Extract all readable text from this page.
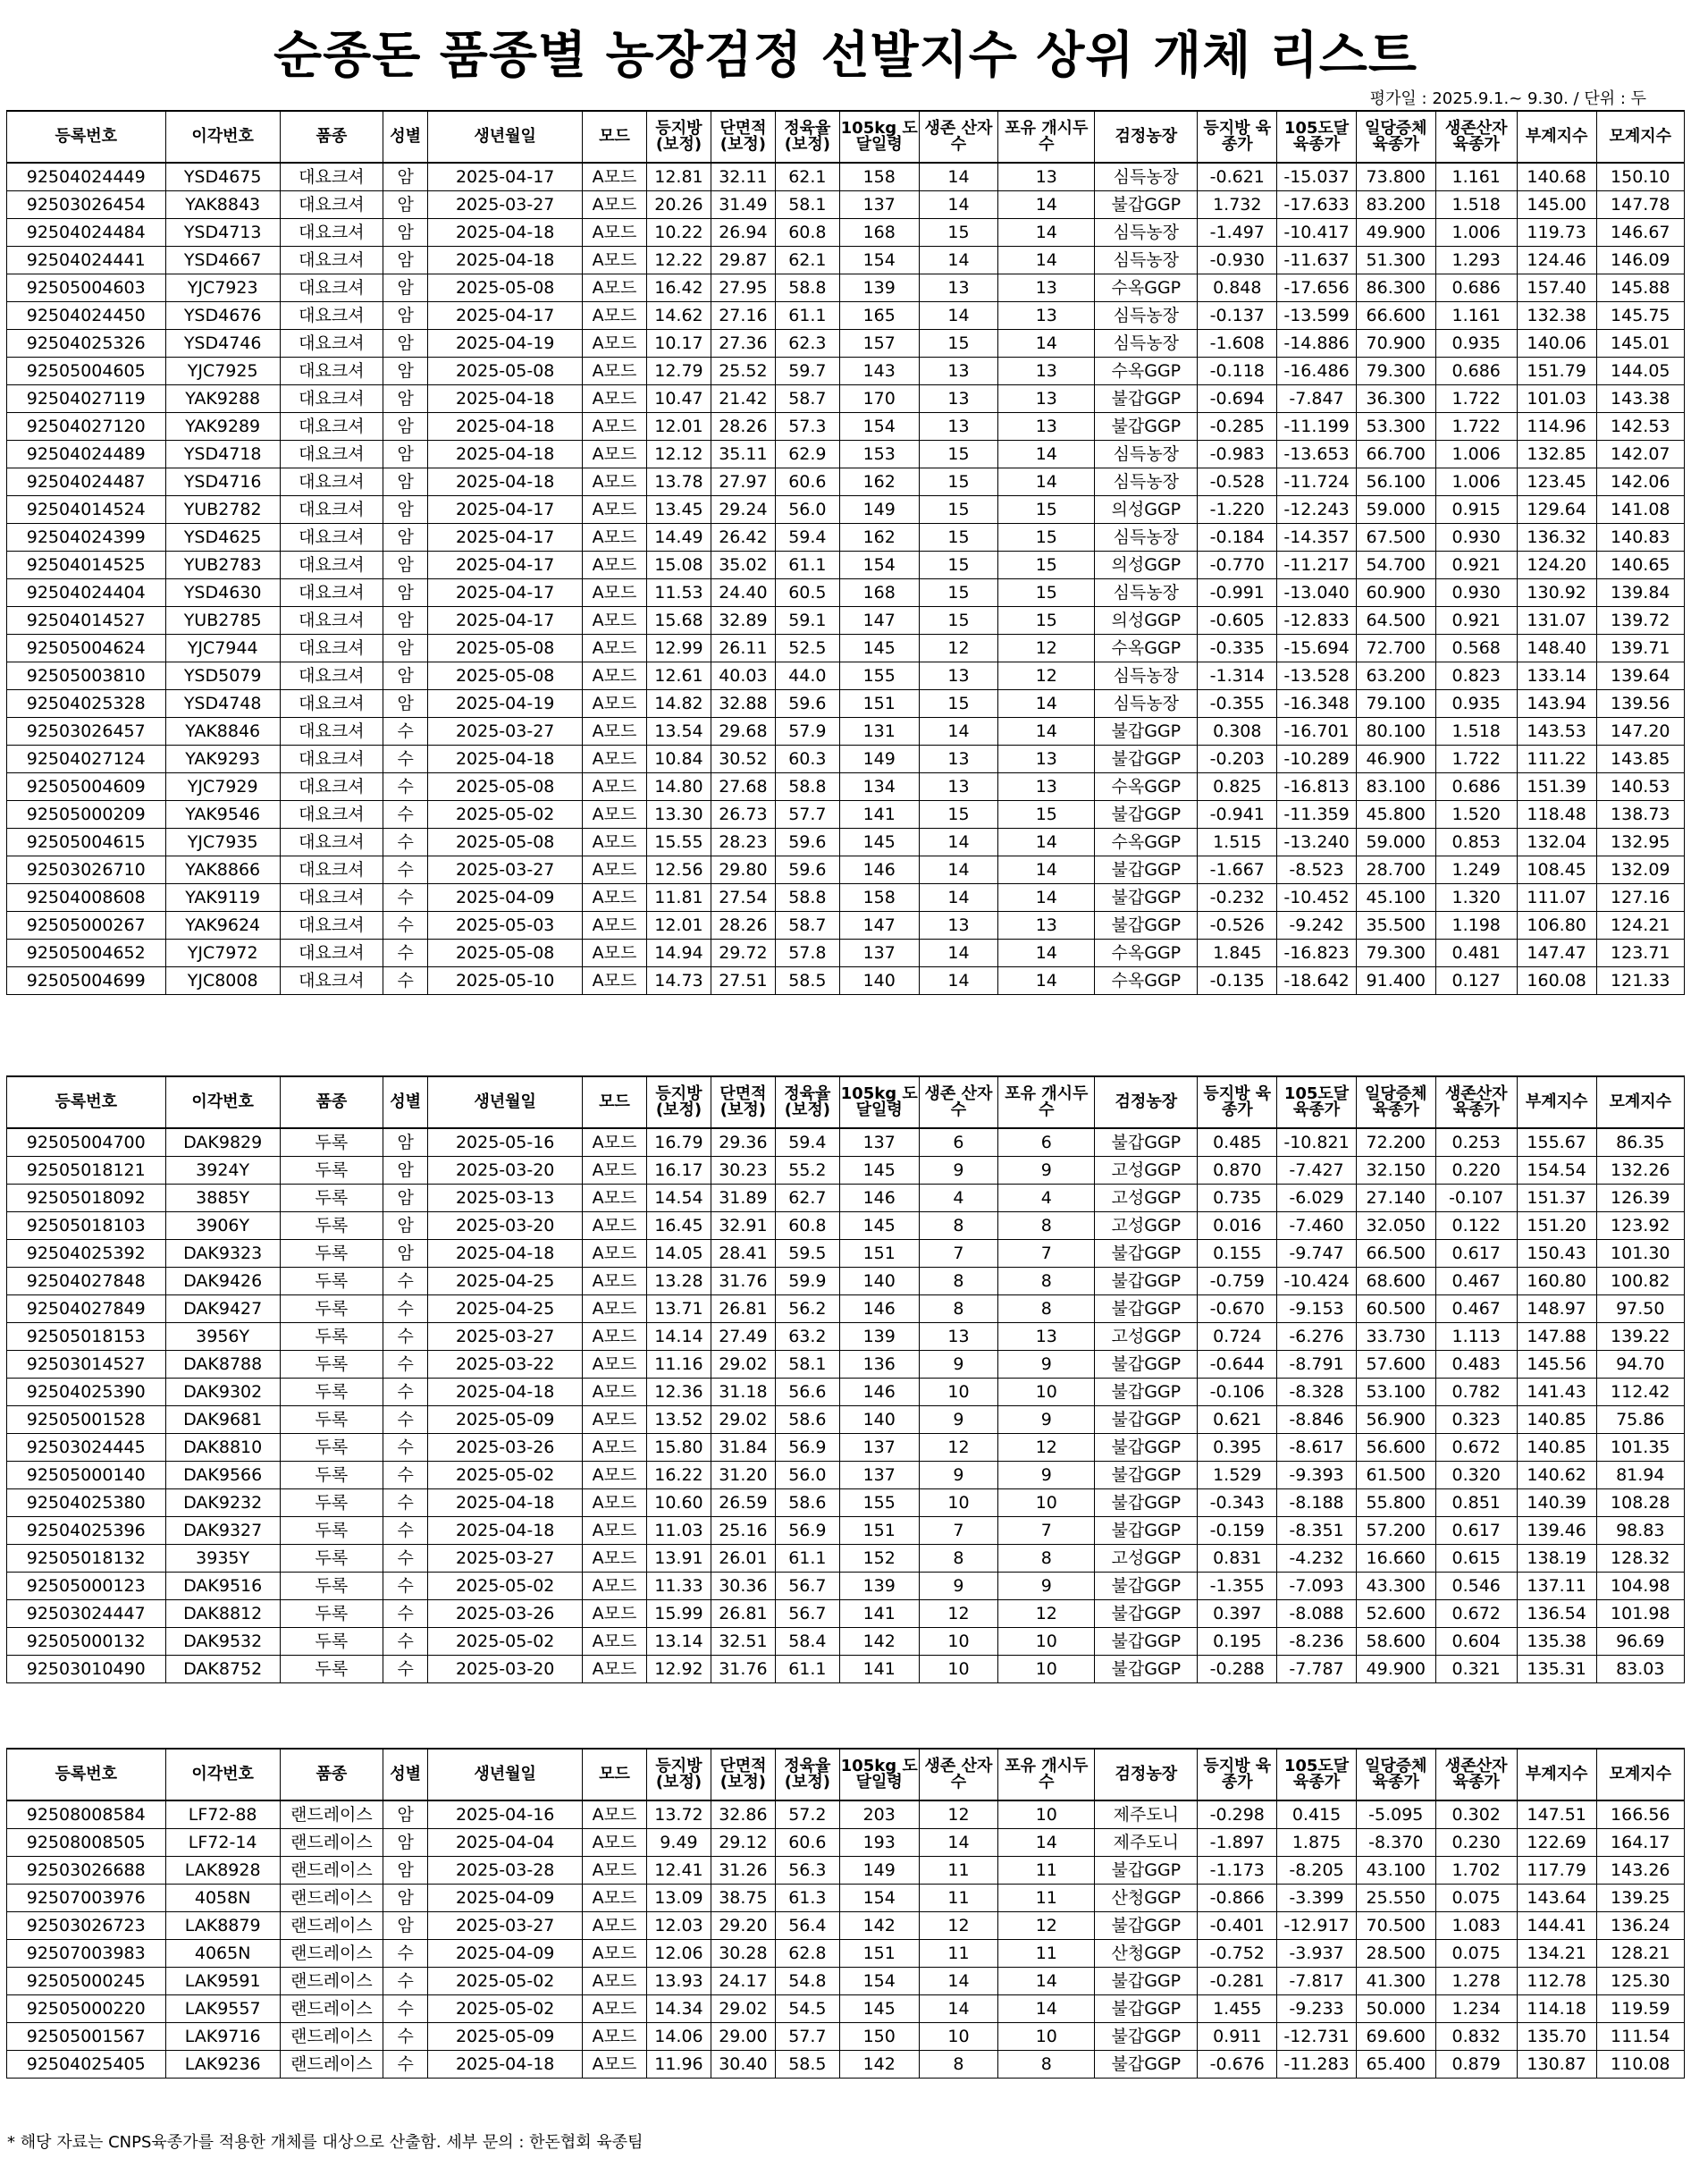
순종돈 품종별 농장검정 선발지수 상위 개체 리스트
평가일 : 2025.9.1.~ 9.30. / 단위 : 두
등록번호	이각번호	품종	성별	생년월일	모드	등지방 (보정)	단면적 (보정)	정육율 (보정)	105kg 도달일령	생존 산자수	포유 개시두수	검정농장	등지방 육종가	105도달 육종가	일당증체 육종가	생존산자 육종가	부계지수	모계지수
92504024449	YSD4675	대요크셔	암	2025-04-17	A모드	12.81	32.11	62.1	158	14	13	심득농장	-0.621	-15.037	73.800	1.161	140.68	150.10
92503026454	YAK8843	대요크셔	암	2025-03-27	A모드	20.26	31.49	58.1	137	14	14	불갑GGP	1.732	-17.633	83.200	1.518	145.00	147.78
92504024484	YSD4713	대요크셔	암	2025-04-18	A모드	10.22	26.94	60.8	168	15	14	심득농장	-1.497	-10.417	49.900	1.006	119.73	146.67
92504024441	YSD4667	대요크셔	암	2025-04-18	A모드	12.22	29.87	62.1	154	14	14	심득농장	-0.930	-11.637	51.300	1.293	124.46	146.09
92505004603	YJC7923	대요크셔	암	2025-05-08	A모드	16.42	27.95	58.8	139	13	13	수옥GGP	0.848	-17.656	86.300	0.686	157.40	145.88
92504024450	YSD4676	대요크셔	암	2025-04-17	A모드	14.62	27.16	61.1	165	14	13	심득농장	-0.137	-13.599	66.600	1.161	132.38	145.75
92504025326	YSD4746	대요크셔	암	2025-04-19	A모드	10.17	27.36	62.3	157	15	14	심득농장	-1.608	-14.886	70.900	0.935	140.06	145.01
92505004605	YJC7925	대요크셔	암	2025-05-08	A모드	12.79	25.52	59.7	143	13	13	수옥GGP	-0.118	-16.486	79.300	0.686	151.79	144.05
92504027119	YAK9288	대요크셔	암	2025-04-18	A모드	10.47	21.42	58.7	170	13	13	불갑GGP	-0.694	-7.847	36.300	1.722	101.03	143.38
92504027120	YAK9289	대요크셔	암	2025-04-18	A모드	12.01	28.26	57.3	154	13	13	불갑GGP	-0.285	-11.199	53.300	1.722	114.96	142.53
92504024489	YSD4718	대요크셔	암	2025-04-18	A모드	12.12	35.11	62.9	153	15	14	심득농장	-0.983	-13.653	66.700	1.006	132.85	142.07
92504024487	YSD4716	대요크셔	암	2025-04-18	A모드	13.78	27.97	60.6	162	15	14	심득농장	-0.528	-11.724	56.100	1.006	123.45	142.06
92504014524	YUB2782	대요크셔	암	2025-04-17	A모드	13.45	29.24	56.0	149	15	15	의성GGP	-1.220	-12.243	59.000	0.915	129.64	141.08
92504024399	YSD4625	대요크셔	암	2025-04-17	A모드	14.49	26.42	59.4	162	15	15	심득농장	-0.184	-14.357	67.500	0.930	136.32	140.83
92504014525	YUB2783	대요크셔	암	2025-04-17	A모드	15.08	35.02	61.1	154	15	15	의성GGP	-0.770	-11.217	54.700	0.921	124.20	140.65
92504024404	YSD4630	대요크셔	암	2025-04-17	A모드	11.53	24.40	60.5	168	15	15	심득농장	-0.991	-13.040	60.900	0.930	130.92	139.84
92504014527	YUB2785	대요크셔	암	2025-04-17	A모드	15.68	32.89	59.1	147	15	15	의성GGP	-0.605	-12.833	64.500	0.921	131.07	139.72
92505004624	YJC7944	대요크셔	암	2025-05-08	A모드	12.99	26.11	52.5	145	12	12	수옥GGP	-0.335	-15.694	72.700	0.568	148.40	139.71
92505003810	YSD5079	대요크셔	암	2025-05-08	A모드	12.61	40.03	44.0	155	13	12	심득농장	-1.314	-13.528	63.200	0.823	133.14	139.64
92504025328	YSD4748	대요크셔	암	2025-04-19	A모드	14.82	32.88	59.6	151	15	14	심득농장	-0.355	-16.348	79.100	0.935	143.94	139.56
92503026457	YAK8846	대요크셔	수	2025-03-27	A모드	13.54	29.68	57.9	131	14	14	불갑GGP	0.308	-16.701	80.100	1.518	143.53	147.20
92504027124	YAK9293	대요크셔	수	2025-04-18	A모드	10.84	30.52	60.3	149	13	13	불갑GGP	-0.203	-10.289	46.900	1.722	111.22	143.85
92505004609	YJC7929	대요크셔	수	2025-05-08	A모드	14.80	27.68	58.8	134	13	13	수옥GGP	0.825	-16.813	83.100	0.686	151.39	140.53
92505000209	YAK9546	대요크셔	수	2025-05-02	A모드	13.30	26.73	57.7	141	15	15	불갑GGP	-0.941	-11.359	45.800	1.520	118.48	138.73
92505004615	YJC7935	대요크셔	수	2025-05-08	A모드	15.55	28.23	59.6	145	14	14	수옥GGP	1.515	-13.240	59.000	0.853	132.04	132.95
92503026710	YAK8866	대요크셔	수	2025-03-27	A모드	12.56	29.80	59.6	146	14	14	불갑GGP	-1.667	-8.523	28.700	1.249	108.45	132.09
92504008608	YAK9119	대요크셔	수	2025-04-09	A모드	11.81	27.54	58.8	158	14	14	불갑GGP	-0.232	-10.452	45.100	1.320	111.07	127.16
92505000267	YAK9624	대요크셔	수	2025-05-03	A모드	12.01	28.26	58.7	147	13	13	불갑GGP	-0.526	-9.242	35.500	1.198	106.80	124.21
92505004652	YJC7972	대요크셔	수	2025-05-08	A모드	14.94	29.72	57.8	137	14	14	수옥GGP	1.845	-16.823	79.300	0.481	147.47	123.71
92505004699	YJC8008	대요크셔	수	2025-05-10	A모드	14.73	27.51	58.5	140	14	14	수옥GGP	-0.135	-18.642	91.400	0.127	160.08	121.33
등록번호	이각번호	품종	성별	생년월일	모드	등지방 (보정)	단면적 (보정)	정육율 (보정)	105kg 도달일령	생존 산자수	포유 개시두수	검정농장	등지방 육종가	105도달 육종가	일당증체 육종가	생존산자 육종가	부계지수	모계지수
92505004700	DAK9829	두록	암	2025-05-16	A모드	16.79	29.36	59.4	137	6	6	불갑GGP	0.485	-10.821	72.200	0.253	155.67	86.35
92505018121	3924Y	두록	암	2025-03-20	A모드	16.17	30.23	55.2	145	9	9	고성GGP	0.870	-7.427	32.150	0.220	154.54	132.26
92505018092	3885Y	두록	암	2025-03-13	A모드	14.54	31.89	62.7	146	4	4	고성GGP	0.735	-6.029	27.140	-0.107	151.37	126.39
92505018103	3906Y	두록	암	2025-03-20	A모드	16.45	32.91	60.8	145	8	8	고성GGP	0.016	-7.460	32.050	0.122	151.20	123.92
92504025392	DAK9323	두록	암	2025-04-18	A모드	14.05	28.41	59.5	151	7	7	불갑GGP	0.155	-9.747	66.500	0.617	150.43	101.30
92504027848	DAK9426	두록	수	2025-04-25	A모드	13.28	31.76	59.9	140	8	8	불갑GGP	-0.759	-10.424	68.600	0.467	160.80	100.82
92504027849	DAK9427	두록	수	2025-04-25	A모드	13.71	26.81	56.2	146	8	8	불갑GGP	-0.670	-9.153	60.500	0.467	148.97	97.50
92505018153	3956Y	두록	수	2025-03-27	A모드	14.14	27.49	63.2	139	13	13	고성GGP	0.724	-6.276	33.730	1.113	147.88	139.22
92503014527	DAK8788	두록	수	2025-03-22	A모드	11.16	29.02	58.1	136	9	9	불갑GGP	-0.644	-8.791	57.600	0.483	145.56	94.70
92504025390	DAK9302	두록	수	2025-04-18	A모드	12.36	31.18	56.6	146	10	10	불갑GGP	-0.106	-8.328	53.100	0.782	141.43	112.42
92505001528	DAK9681	두록	수	2025-05-09	A모드	13.52	29.02	58.6	140	9	9	불갑GGP	0.621	-8.846	56.900	0.323	140.85	75.86
92503024445	DAK8810	두록	수	2025-03-26	A모드	15.80	31.84	56.9	137	12	12	불갑GGP	0.395	-8.617	56.600	0.672	140.85	101.35
92505000140	DAK9566	두록	수	2025-05-02	A모드	16.22	31.20	56.0	137	9	9	불갑GGP	1.529	-9.393	61.500	0.320	140.62	81.94
92504025380	DAK9232	두록	수	2025-04-18	A모드	10.60	26.59	58.6	155	10	10	불갑GGP	-0.343	-8.188	55.800	0.851	140.39	108.28
92504025396	DAK9327	두록	수	2025-04-18	A모드	11.03	25.16	56.9	151	7	7	불갑GGP	-0.159	-8.351	57.200	0.617	139.46	98.83
92505018132	3935Y	두록	수	2025-03-27	A모드	13.91	26.01	61.1	152	8	8	고성GGP	0.831	-4.232	16.660	0.615	138.19	128.32
92505000123	DAK9516	두록	수	2025-05-02	A모드	11.33	30.36	56.7	139	9	9	불갑GGP	-1.355	-7.093	43.300	0.546	137.11	104.98
92503024447	DAK8812	두록	수	2025-03-26	A모드	15.99	26.81	56.7	141	12	12	불갑GGP	0.397	-8.088	52.600	0.672	136.54	101.98
92505000132	DAK9532	두록	수	2025-05-02	A모드	13.14	32.51	58.4	142	10	10	불갑GGP	0.195	-8.236	58.600	0.604	135.38	96.69
92503010490	DAK8752	두록	수	2025-03-20	A모드	12.92	31.76	61.1	141	10	10	불갑GGP	-0.288	-7.787	49.900	0.321	135.31	83.03
등록번호	이각번호	품종	성별	생년월일	모드	등지방 (보정)	단면적 (보정)	정육율 (보정)	105kg 도달일령	생존 산자수	포유 개시두수	검정농장	등지방 육종가	105도달 육종가	일당증체 육종가	생존산자 육종가	부계지수	모계지수
92508008584	LF72-88	랜드레이스	암	2025-04-16	A모드	13.72	32.86	57.2	203	12	10	제주도니	-0.298	0.415	-5.095	0.302	147.51	166.56
92508008505	LF72-14	랜드레이스	암	2025-04-04	A모드	9.49	29.12	60.6	193	14	14	제주도니	-1.897	1.875	-8.370	0.230	122.69	164.17
92503026688	LAK8928	랜드레이스	암	2025-03-28	A모드	12.41	31.26	56.3	149	11	11	불갑GGP	-1.173	-8.205	43.100	1.702	117.79	143.26
92507003976	4058N	랜드레이스	암	2025-04-09	A모드	13.09	38.75	61.3	154	11	11	산청GGP	-0.866	-3.399	25.550	0.075	143.64	139.25
92503026723	LAK8879	랜드레이스	암	2025-03-27	A모드	12.03	29.20	56.4	142	12	12	불갑GGP	-0.401	-12.917	70.500	1.083	144.41	136.24
92507003983	4065N	랜드레이스	수	2025-04-09	A모드	12.06	30.28	62.8	151	11	11	산청GGP	-0.752	-3.937	28.500	0.075	134.21	128.21
92505000245	LAK9591	랜드레이스	수	2025-05-02	A모드	13.93	24.17	54.8	154	14	14	불갑GGP	-0.281	-7.817	41.300	1.278	112.78	125.30
92505000220	LAK9557	랜드레이스	수	2025-05-02	A모드	14.34	29.02	54.5	145	14	14	불갑GGP	1.455	-9.233	50.000	1.234	114.18	119.59
92505001567	LAK9716	랜드레이스	수	2025-05-09	A모드	14.06	29.00	57.7	150	10	10	불갑GGP	0.911	-12.731	69.600	0.832	135.70	111.54
92504025405	LAK9236	랜드레이스	수	2025-04-18	A모드	11.96	30.40	58.5	142	8	8	불갑GGP	-0.676	-11.283	65.400	0.879	130.87	110.08
* 해당 자료는 CNPS육종가를 적용한 개체를 대상으로 산출함. 세부 문의 : 한돈협회 육종팀
